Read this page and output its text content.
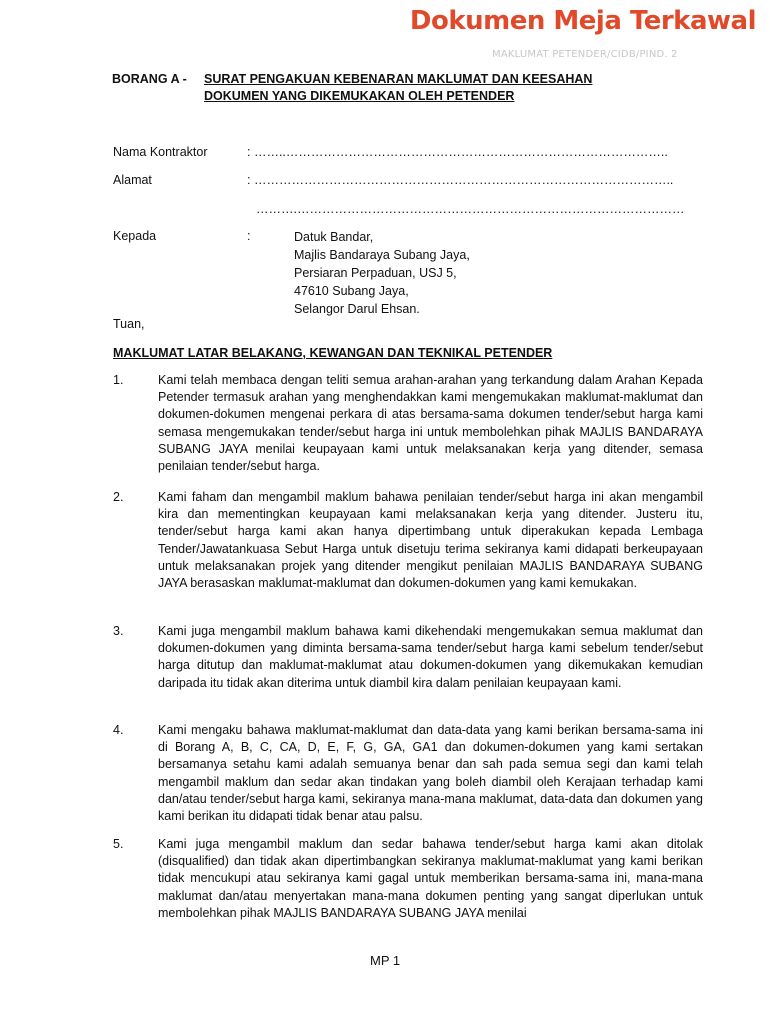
Dokumen Meja Terkawal
MAKLUMAT PETENDER/CIDB/PIND. 2
BORANG A - SURAT PENGAKUAN KEBENARAN MAKLUMAT DAN KEESAHAN
DOKUMEN YANG DIKEMUKAKAN OLEH PETENDER
Nama Kontraktor	: ……..………………………………………………………………………………..
Alamat	: ………………………………………………………………………………………..
……….…………………………………………………………………………………
Kepada	:	Datuk Bandar,
Majlis Bandaraya Subang Jaya,
Persiaran Perpaduan, USJ 5,
47610 Subang Jaya,
Selangor Darul Ehsan.
Tuan,
MAKLUMAT LATAR BELAKANG, KEWANGAN DAN TEKNIKAL PETENDER
1.	Kami telah membaca dengan teliti semua arahan-arahan yang terkandung dalam Arahan Kepada Petender termasuk arahan yang menghendakkan kami mengemukakan maklumat-maklumat dan dokumen-dokumen mengenai perkara di atas bersama-sama dokumen tender/sebut harga kami semasa mengemukakan tender/sebut harga ini untuk membolehkan pihak MAJLIS BANDARAYA SUBANG JAYA menilai keupayaan kami untuk melaksanakan kerja yang ditender, semasa penilaian tender/sebut harga.
2.	Kami faham dan mengambil maklum bahawa penilaian tender/sebut harga ini akan mengambil kira dan mementingkan keupayaan kami melaksanakan kerja yang ditender. Justeru itu, tender/sebut harga kami akan hanya dipertimbang untuk diperakukan kepada Lembaga Tender/Jawatankuasa Sebut Harga untuk disetuju terima sekiranya kami didapati berkeupayaan untuk melaksanakan projek yang ditender mengikut penilaian MAJLIS BANDARAYA SUBANG JAYA berasaskan maklumat-maklumat dan dokumen-dokumen yang kami kemukakan.
3.	Kami juga mengambil maklum bahawa kami dikehendaki mengemukakan semua maklumat dan dokumen-dokumen yang diminta bersama-sama tender/sebut harga kami sebelum tender/sebut harga ditutup dan maklumat-maklumat atau dokumen-dokumen yang dikemukakan kemudian daripada itu tidak akan diterima untuk diambil kira dalam penilaian keupayaan kami.
4.	Kami mengaku bahawa maklumat-maklumat dan data-data yang kami berikan bersama-sama ini di Borang A, B, C, CA, D, E, F, G, GA, GA1 dan dokumen-dokumen yang kami sertakan bersamanya setahu kami adalah semuanya benar dan sah pada semua segi dan kami telah mengambil maklum dan sedar akan tindakan yang boleh diambil oleh Kerajaan terhadap kami dan/atau tender/sebut harga kami, sekiranya mana-mana maklumat, data-data dan dokumen yang kami berikan itu didapati tidak benar atau palsu.
5.	Kami juga mengambil maklum dan sedar bahawa tender/sebut harga kami akan ditolak (disqualified) dan tidak akan dipertimbangkan sekiranya maklumat-maklumat yang kami berikan tidak mencukupi atau sekiranya kami gagal untuk memberikan bersama-sama ini, mana-mana maklumat dan/atau menyertakan mana-mana dokumen penting yang sangat diperlukan untuk membolehkan pihak MAJLIS BANDARAYA SUBANG JAYA menilai
MP 1
